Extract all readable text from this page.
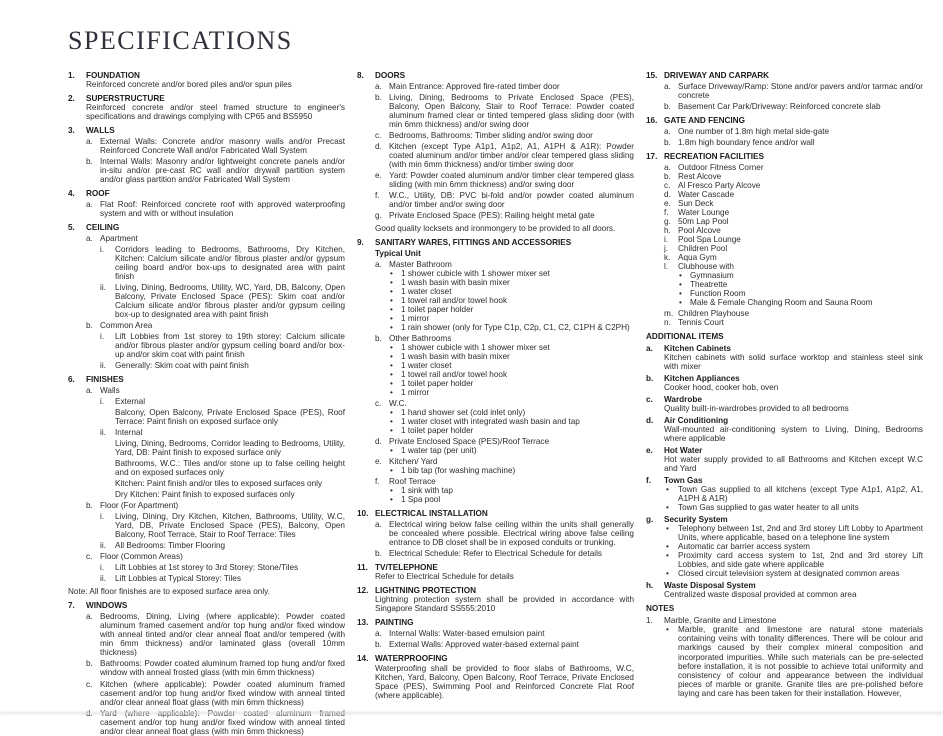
SPECIFICATIONS
1.	FOUNDATION
Reinforced concrete and/or bored piles and/or spun piles
2.	SUPERSTRUCTURE
Reinforced concrete and/or steel framed structure to engineer's specifications and drawings complying with CP65 and BS5950
3.	WALLS
a. External Walls: Concrete and/or masonry walls and/or Precast Reinforced Concrete Wall and/or Fabricated Wall System
b. Internal Walls: Masonry and/or lightweight concrete panels and/or in-situ and/or pre-cast RC wall and/or drywall partition system and/or glass partition and/or Fabricated Wall System
4.	ROOF
a. Flat Roof: Reinforced concrete roof with approved waterproofing system and with or without insulation
5.	CEILING
a. Apartment
i.	Corridors leading to Bedrooms, Bathrooms, Dry Kitchen, Kitchen: Calcium silicate and/or fibrous plaster and/or gypsum ceiling board and/or box-ups to designated area with paint finish
ii.	Living, Dining, Bedrooms, Utility, WC, Yard, DB, Balcony, Open Balcony, Private Enclosed Space (PES): Skim coat and/or Calcium silicate and/or fibrous plaster and/or gypsum ceiling box-up to designated area with paint finish
b. Common Area
i.	Lift Lobbies from 1st storey to 19th storey: Calcium silicate and/or fibrous plaster and/or gypsum ceiling board and/or box-up and/or skim coat with paint finish
ii.	Generally: Skim coat with paint finish
6.	FINISHES
a. Walls
i.	External
Balcony, Open Balcony, Private Enclosed Space (PES), Roof Terrace: Paint finish on exposed surface only
ii.	Internal
Living, Dining, Bedrooms, Corridor leading to Bedrooms, Utility, Yard, DB: Paint finish to exposed surface only
Bathrooms, W.C.: Tiles and/or stone up to false ceiling height and on exposed surfaces only
Kitchen: Paint finish and/or tiles to exposed surfaces only
Dry Kitchen: Paint finish to exposed surfaces only
b. Floor (For Apartment)
i.	Living, Dining, Dry Kitchen, Kitchen, Bathrooms, Utility, W.C, Yard, DB, Private Enclosed Space (PES), Balcony, Open Balcony, Roof Terrace, Stair to Roof Terrace: Tiles
ii.	All Bedrooms: Timber Flooring
c. Floor (Common Areas)
i.	Lift Lobbies at 1st storey to 3rd Storey: Stone/Tiles
ii.	Lift Lobbies at Typical Storey: Tiles
Note: All floor finishes are to exposed surface area only.
7.	WINDOWS
a. Bedrooms, Dining, Living (where applicable): Powder coated aluminum framed casement and/or top hung and/or fixed window with anneal tinted and/or clear anneal float and/or tempered (with min 6mm thickness) and/or laminated glass (overall 10mm thickness)
b. Bathrooms: Powder coated aluminum framed top hung and/or fixed window with anneal frosted glass (with min 6mm thickness)
c. Kitchen (where applicable): Powder coated aluminum framed casement and/or top hung and/or fixed window with anneal tinted and/or clear anneal float glass (with min 6mm thickness)
casement and/or top hung and/or fixed window with anneal tinted and/or clear anneal float glass (with min 6mm thickness)
8.	DOORS
a. Main Entrance: Approved fire-rated timber door
b. Living, Dining, Bedrooms to Private Enclosed Space (PES), Balcony, Open Balcony, Stair to Roof Terrace: Powder coated aluminum framed clear or tinted tempered glass sliding door (with min 6mm thickness) and/or swing door
c. Bedrooms, Bathrooms: Timber sliding and/or swing door
d. Kitchen (except Type A1p1, A1p2, A1, A1PH & A1R): Powder coated aluminum and/or timber and/or clear tempered glass sliding (with min 6mm thickness) and/or timber swing door
e. Yard: Powder coated aluminum and/or timber clear tempered glass sliding (with min 6mm thickness) and/or swing door
f.	W.C., Utility, DB: PVC bi-fold and/or powder coated aluminum and/or timber and/or swing door
g. Private Enclosed Space (PES): Railing height metal gate
Good quality locksets and ironmongery to be provided to all doors.
9.	SANITARY WARES, FITTINGS AND ACCESSORIES
Typical Unit
a. Master Bathroom
• 1 shower cubicle with 1 shower mixer set
• 1 wash basin with basin mixer
• 1 water closet
• 1 towel rail and/or towel hook
• 1 toilet paper holder
• 1 mirror
• 1 rain shower (only for Type C1p, C2p, C1, C2, C1PH & C2PH)
b. Other Bathrooms
• 1 shower cubicle with 1 shower mixer set
• 1 wash basin with basin mixer
• 1 water closet
• 1 towel rail and/or towel hook
• 1 toilet paper holder
• 1 mirror
c. W.C.
• 1 hand shower set (cold inlet only)
• 1 water closet with integrated wash basin and tap
• 1 toilet paper holder
d. Private Enclosed Space (PES)/Roof Terrace
• 1 water tap (per unit)
e. Kitchen/ Yard
• 1 bib tap (for washing machine)
f.	Roof Terrace
• 1 sink with tap
• 1 Spa pool
10. ELECTRICAL INSTALLATION
a. Electrical wiring below false ceiling within the units shall generally be concealed where possible. Electrical wiring above false ceiling entrance to DB closet shall be in exposed conduits or trunking.
b. Electrical Schedule: Refer to Electrical Schedule for details
11. TV/TELEPHONE
Refer to Electrical Schedule for details
12. LIGHTNING PROTECTION
Lightning protection system shall be provided in accordance with Singapore Standard SS555:2010
13. PAINTING
a. Internal Walls: Water-based emulsion paint
b. External Walls: Approved water-based external paint
14. WATERPROOFING
Waterproofing shall be provided to floor slabs of Bathrooms, W.C, Kitchen, Yard, Balcony, Open Balcony, Roof Terrace, Private Enclosed Space (PES), Swimming Pool and Reinforced Concrete Flat Roof (where applicable).
15. DRIVEWAY AND CARPARK
a. Surface Driveway/Ramp: Stone and/or pavers and/or tarmac and/or concrete
b. Basement Car Park/Driveway: Reinforced concrete slab
16. GATE AND FENCING
a. One number of 1.8m high metal side-gate
b. 1.8m high boundary fence and/or wall
17. RECREATION FACILITIES
a. Outdoor Fitness Corner
b. Rest Alcove
c. Al Fresco Party Alcove
d. Water Cascade
e. Sun Deck
f.	Water Lounge
g. 50m Lap Pool
h. Pool Alcove
i.	Pool Spa Lounge
j.	Children Pool
k. Aqua Gym
l.	Clubhouse with
• Gymnasium
• Theatrette
• Function Room
• Male & Female Changing Room and Sauna Room
m. Children Playhouse
n. Tennis Court
ADDITIONAL ITEMS
a.	Kitchen Cabinets
Kitchen cabinets with solid surface worktop and stainless steel sink with mixer
b.	Kitchen Appliances
Cooker hood, cooker hob, oven
c.	Wardrobe
Quality built-in-wardrobes provided to all bedrooms
d.	Air Conditioning
Wall-mounted air-conditioning system to Living, Dining, Bedrooms where applicable
e.	Hot Water
Hot water supply provided to all Bathrooms and Kitchen except W.C and Yard
f.	Town Gas
•	Town Gas supplied to all kitchens (except Type A1p1, A1p2, A1, A1PH & A1R)
•	Town Gas supplied to gas water heater to all units
g.	Security System
•	Telephony between 1st, 2nd and 3rd storey Lift Lobby to Apartment Units, where applicable, based on a telephone line system
•	Automatic car barrier access system
•	Proximity card access system to 1st, 2nd and 3rd storey Lift Lobbies, and side gate where applicable
•	Closed circuit television system at designated common areas
h.	Waste Disposal System
Centralized waste disposal provided at common area
NOTES
1.	Marble, Granite and Limestone
•	Marble, granite and limestone are natural stone materials containing veins with tonality differences. There will be colour and markings caused by their complex mineral composition and incorporated impurities. While such materials can be pre-selected before installation, it is not possible to achieve total uniformity and consistency of colour and appearance between the individual pieces of marble or granite. Granite tiles are pre-polished before laying and care has been taken for their installation. However,
